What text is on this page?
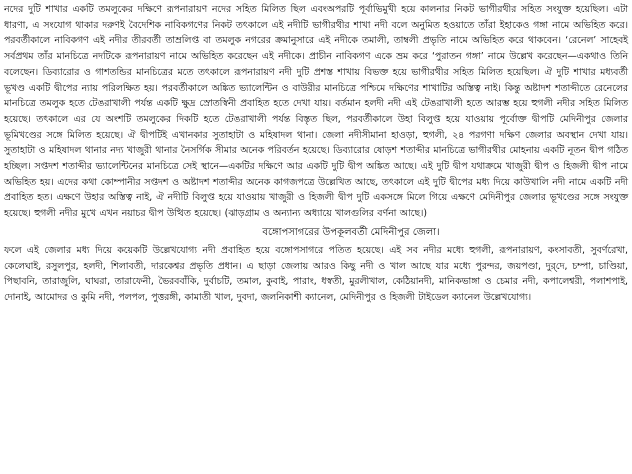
নদের দুটি শাখার একটি তমলুকের দক্ষিণে রূপনারায়ণ নদের সহিত মিলিত ছিল এবংঅপরটি পূর্বাভিমুখী হয়ে কালনার নিকট ভাগীরথীর সহিত সংযুক্ত হয়েছিল। এটা ধারণা, এ সংযোগ থাকার দরুণই বৈদেশিক নাবিকগণের নিকট তৎকালে এই নদীটি ভাগীরথীর শাখা নদী বলে অনুমিত হওয়াতে তাঁরা ইহাকেও গঙ্গা নামে অভিহিত করে। পরবর্তীকালে নাবিকগণ এই নদীর তীরবর্তী তাম্রলিপ্ত বা তমলুক নগরের ক্রমানুসারে এই নদীকে তমালী, তাম্বলী প্রভৃতি নামে অভিহিত করে থাকবেন। ‘রেনেল’ সাহেবই সর্বপ্রথম তাঁর মানচিত্রে নদটিকে রূপনারায়ণ নামে অভিহিত করেছেন এই নদীকে। প্রাচীন নাবিকগণ একে ভ্রম করে ‘পুরাতন গঙ্গা’ নামে উল্লেখ করেছেন—একথাও তিনি বলেছেন। ডিব্যারোর ও গাশতন্ডির মানচিত্রের মতে তৎকালে রূপনারায়ণ নদী দুটি প্রশস্ত শাখায় বিভক্ত হয়ে ভাগীরথীর সহিত মিলিত হয়েছিল। ঐ দুটি শাখার মধ্যবর্তী ভূখণ্ড একটি দ্বীপের ন্যায় পরিলক্ষিত হয়। পরবর্তীকালে অঙ্কিত ভ্যালেন্টিন ও বাউরীর মানচিত্রে পশ্চিমে দক্ষিণের শাখাটির অস্তিত্ব নাই। কিন্তু অষ্টাদশ শতাব্দীতে রেনেলের মানচিত্রে তমলুক হতে টেঙরাখালী পর্যন্ত একটি ক্ষুদ্র স্রোতস্বিনী প্রবাহিত হতে দেখা যায়। বর্তমান হলদী নদী এই টেঙরাখালী হতে আরম্ভ হয়ে হুগলী নদীর সহিত মিলিত হয়েছে। তৎকালে এর যে অংশটি তমলুকের দিকটি হতে টেঙরাখালী পর্যন্ত বিস্তৃত ছিল, পরবর্তীকালে উহা বিলুপ্ত হয়ে যাওয়ায় পূর্বোক্ত দ্বীপটি মেদিনীপুর জেলার ভূমিখণ্ডের সঙ্গে মিলিত হয়েছে। ঐ দ্বীপটিই এখানকার সুতাহাটা ও মহিষাদল থানা। জেলা নদীসীমানা হাওড়া, হুগলী, ২৪ পরগণা দক্ষিণ জেলার অবস্থান দেখা যায়। সুতাহাটা ও মহিষাদল থানার নদ্য খাজুরী থানার নৈসর্গিক সীমার অনেক পরিবর্তন হয়েছে। ডিব্যারোর ষোড়শ শতাব্দীর মানচিত্রে ভাগীরথীর মোহনায় একটি নূতন দ্বীপ গঠিত হচ্ছিল। সপ্তদশ শতাব্দীর ভ্যালেন্টিনের মানচিত্রে সেই স্থানে—একটির দক্ষিণে আর একটি দুটি দ্বীপ অঙ্কিত আছে। এই দুটি দ্বীপ যথাক্রমে খাজুরী দ্বীপ ও হিজলী দ্বীপ নামে অভিহিত হয়। এদের কথা কোম্পানীর সপ্তদশ ও অষ্টাদশ শতাব্দীর অনেক কাগজপত্রে উল্লেখিত আছে, তৎকালে এই দুটি দ্বীপের মধ্য দিয়ে কাউখালি নদী নামে একটি নদী প্রবাহিত হত। এক্ষণে উহার অস্তিত্ব নাই, ঐ নদীটি বিলুপ্ত হয়ে যাওয়ায় খাজুরী ও হিজলী দ্বীপ দুটি একসঙ্গে মিলে গিয়ে এক্ষণে মেদিনীপুর জেলার ভূখণ্ডের সঙ্গে সংযুক্ত হয়েছে। হুগলী নদীর মুখে এখন নয়াচর দ্বীপ উত্থিত হয়েছে। (ঝাড়গ্রাম ও অন্যান্য অধ্যায়ে খালগুলির বর্ণনা আছে।)

বঙ্গোপসাগরের উপকূলবর্তী মেদিনীপুর জেলা।

ফলে এই জেলার মধ্য দিয়ে কয়েকটি উল্লেখযোগ্য নদী প্রবাহিত হয়ে বঙ্গোপসাগরে পতিত হয়েছে। এই সব নদীর মধ্যে হুগলী, রূপনারায়ণ, কংসাবতী, সুবর্ণরেখা, কেলেঘাই, রসুলপুর, হলদী, শিলাবতী, দারকেশ্বর প্রভৃতি প্রধান। এ ছাড়া জেলায় আরও কিছু নদী ও খাল আছে যার মধ্যে পুরন্দর, জয়পণ্ডা, দুর্‌দে, চম্পা, চাণ্ডিয়া, পিছাবনি, তারাজুলি, ঘাঘরা, তারাফেনী, ভৈরববাঁকি, দুর্বাচটি, তমাল, কুবাই, পারাং, ধস্বতী, মুরলীখাল, কেঠিয়ানদী, মানিকভাঙ্গা ও চেমার নদী, কপালেশ্বরী, পলাশপাই, দোনাই, আমোদর ও কুমি নদী, পলপল, পুত্তরঙ্গী, কামাতী খাল, দুবদা, জলনিকাশী ক্যানেল, মেদিনীপুর ও হিজলী টাইডেল ক্যানেল উল্লেখযোগ্য।
